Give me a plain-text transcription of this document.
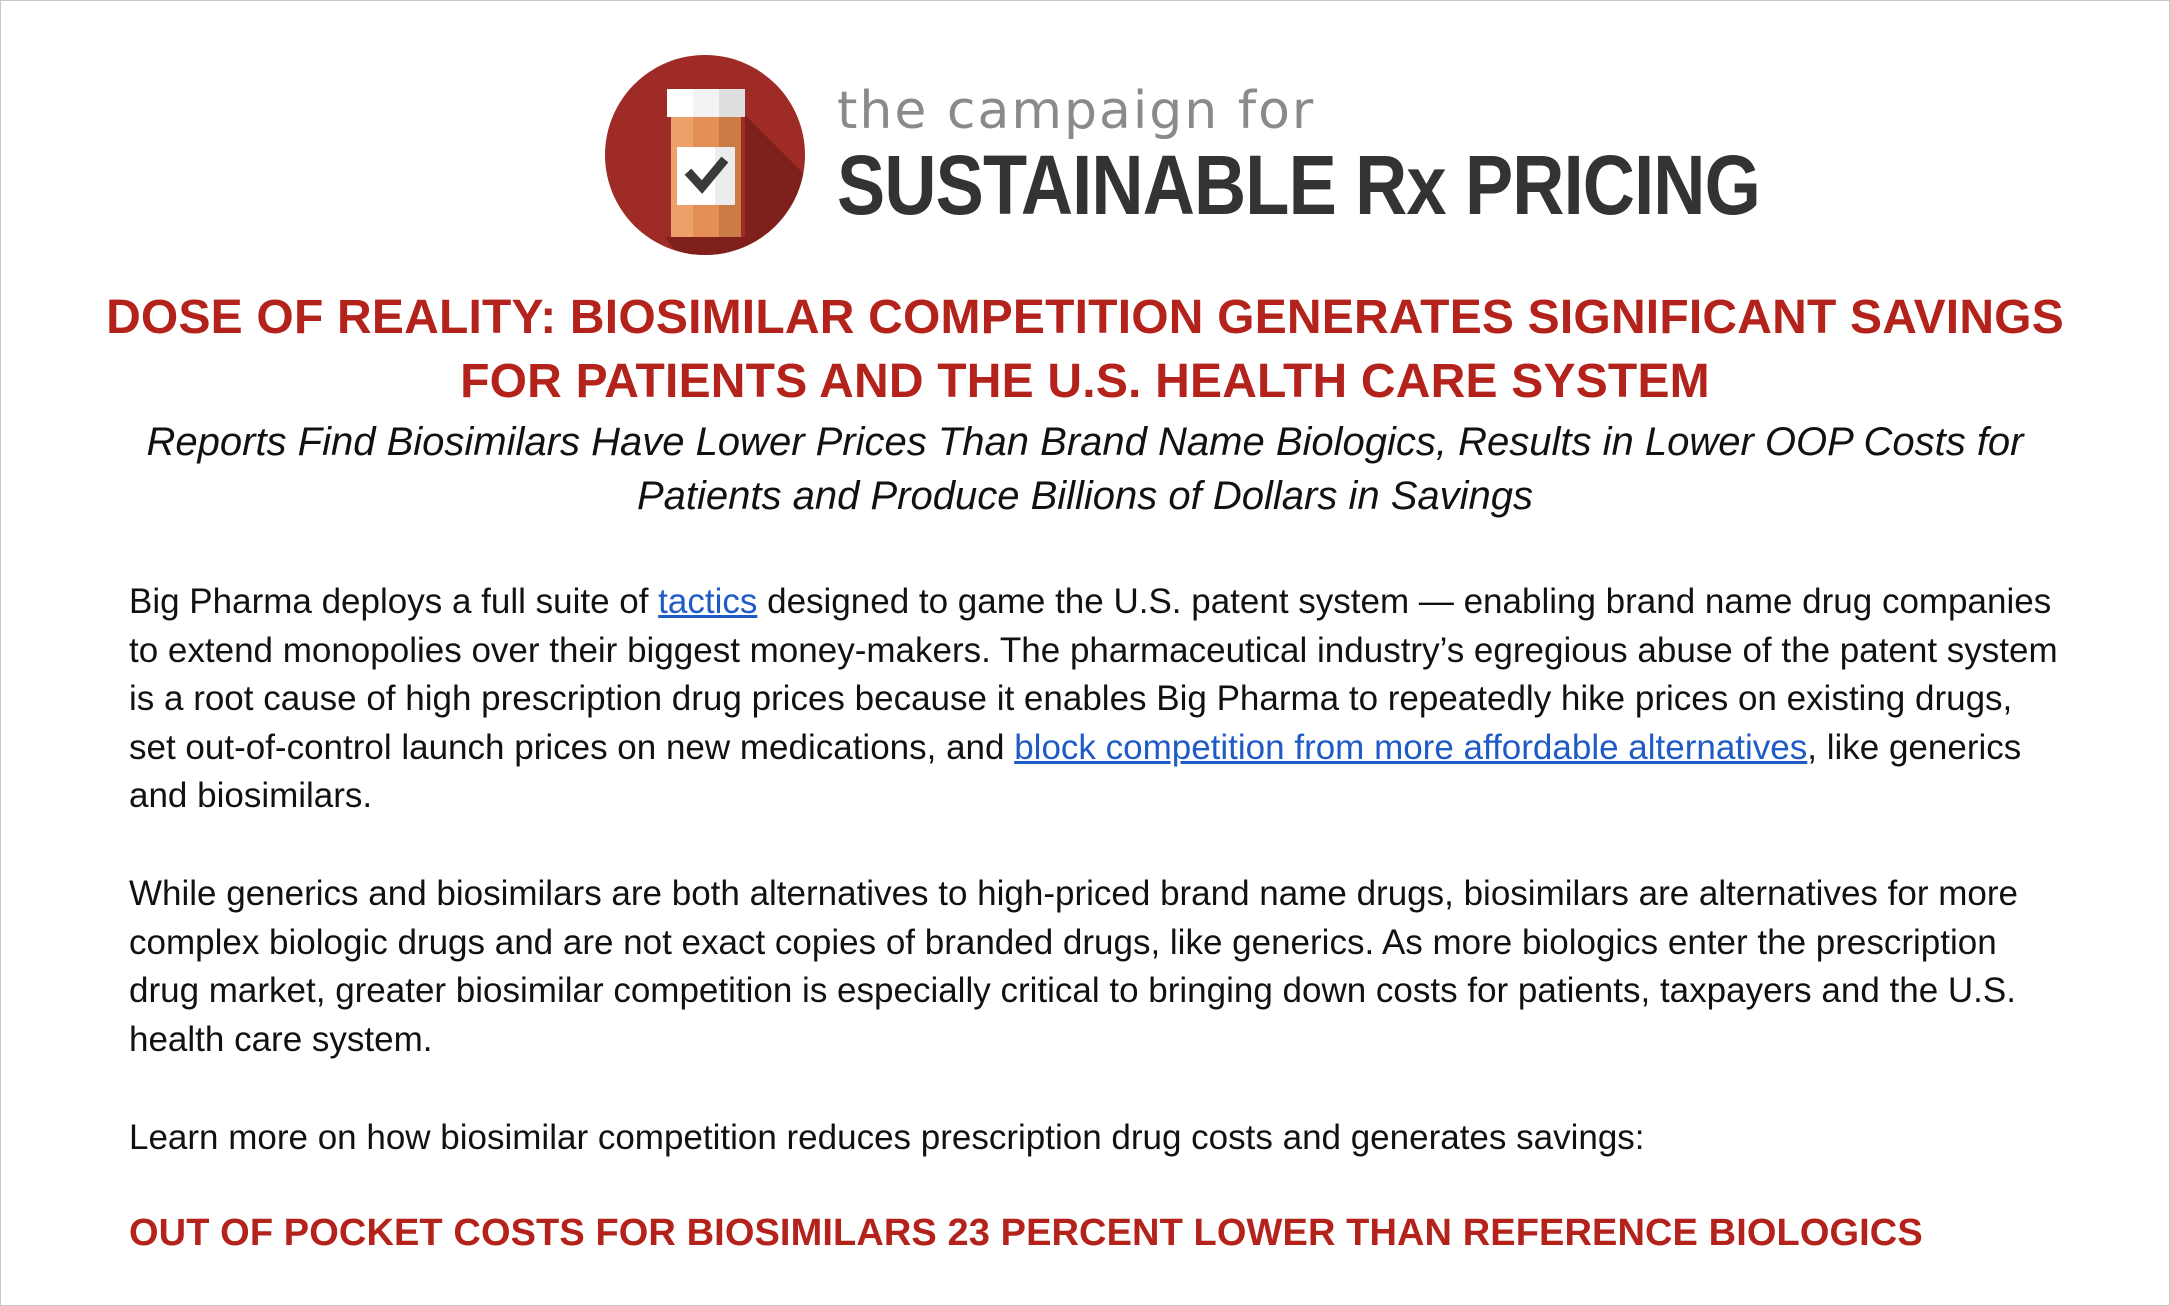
the campaign for
SUSTAINABLE Rx PRICING
DOSE OF REALITY: BIOSIMILAR COMPETITION GENERATES SIGNIFICANT SAVINGS
FOR PATIENTS AND THE U.S. HEALTH CARE SYSTEM
Reports Find Biosimilars Have Lower Prices Than Brand Name Biologics, Results in Lower OOP Costs for
Patients and Produce Billions of Dollars in Savings
Big Pharma deploys a full suite of tactics designed to game the U.S. patent system — enabling brand name drug companies to extend monopolies over their biggest money-makers. The pharmaceutical industry’s egregious abuse of the patent system is a root cause of high prescription drug prices because it enables Big Pharma to repeatedly hike prices on existing drugs, set out-of-control launch prices on new medications, and block competition from more affordable alternatives, like generics and biosimilars.
While generics and biosimilars are both alternatives to high-priced brand name drugs, biosimilars are alternatives for more complex biologic drugs and are not exact copies of branded drugs, like generics. As more biologics enter the prescription drug market, greater biosimilar competition is especially critical to bringing down costs for patients, taxpayers and the U.S. health care system.
Learn more on how biosimilar competition reduces prescription drug costs and generates savings:
OUT OF POCKET COSTS FOR BIOSIMILARS 23 PERCENT LOWER THAN REFERENCE BIOLOGICS
